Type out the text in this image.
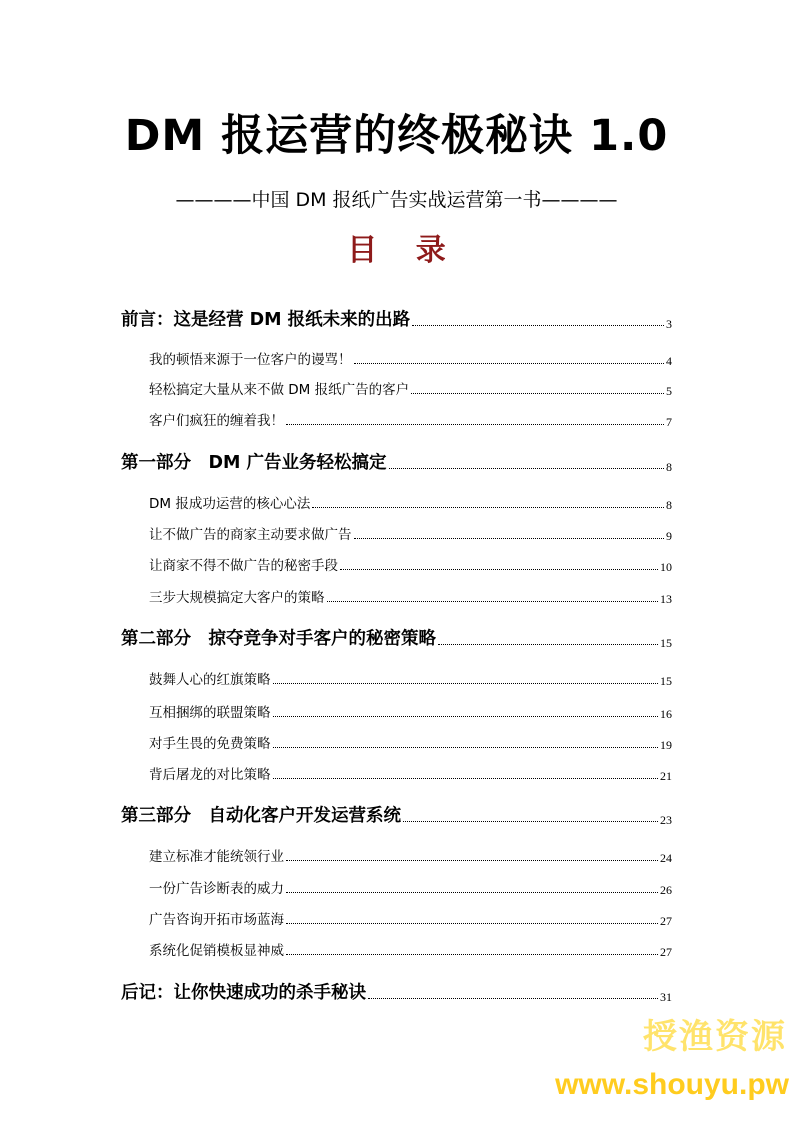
DM 报运营的终极秘诀 1.0
————中国 DM 报纸广告实战运营第一书————
目 录
前言：这是经营 DM 报纸未来的出路	3
我的顿悟来源于一位客户的谩骂！	4
轻松搞定大量从来不做 DM 报纸广告的客户	5
客户们疯狂的缠着我！	7
第一部分　DM 广告业务轻松搞定	8
DM 报成功运营的核心心法	8
让不做广告的商家主动要求做广告	9
让商家不得不做广告的秘密手段	10
三步大规模搞定大客户的策略	13
第二部分　掠夺竞争对手客户的秘密策略	15
鼓舞人心的红旗策略	15
互相捆绑的联盟策略	16
对手生畏的免费策略	19
背后屠龙的对比策略	21
第三部分　自动化客户开发运营系统	23
建立标准才能统领行业	24
一份广告诊断表的威力	26
广告咨询开拓市场蓝海	27
系统化促销模板显神威	27
后记：让你快速成功的杀手秘诀	31
授渔资源
www.shouyu.pw
